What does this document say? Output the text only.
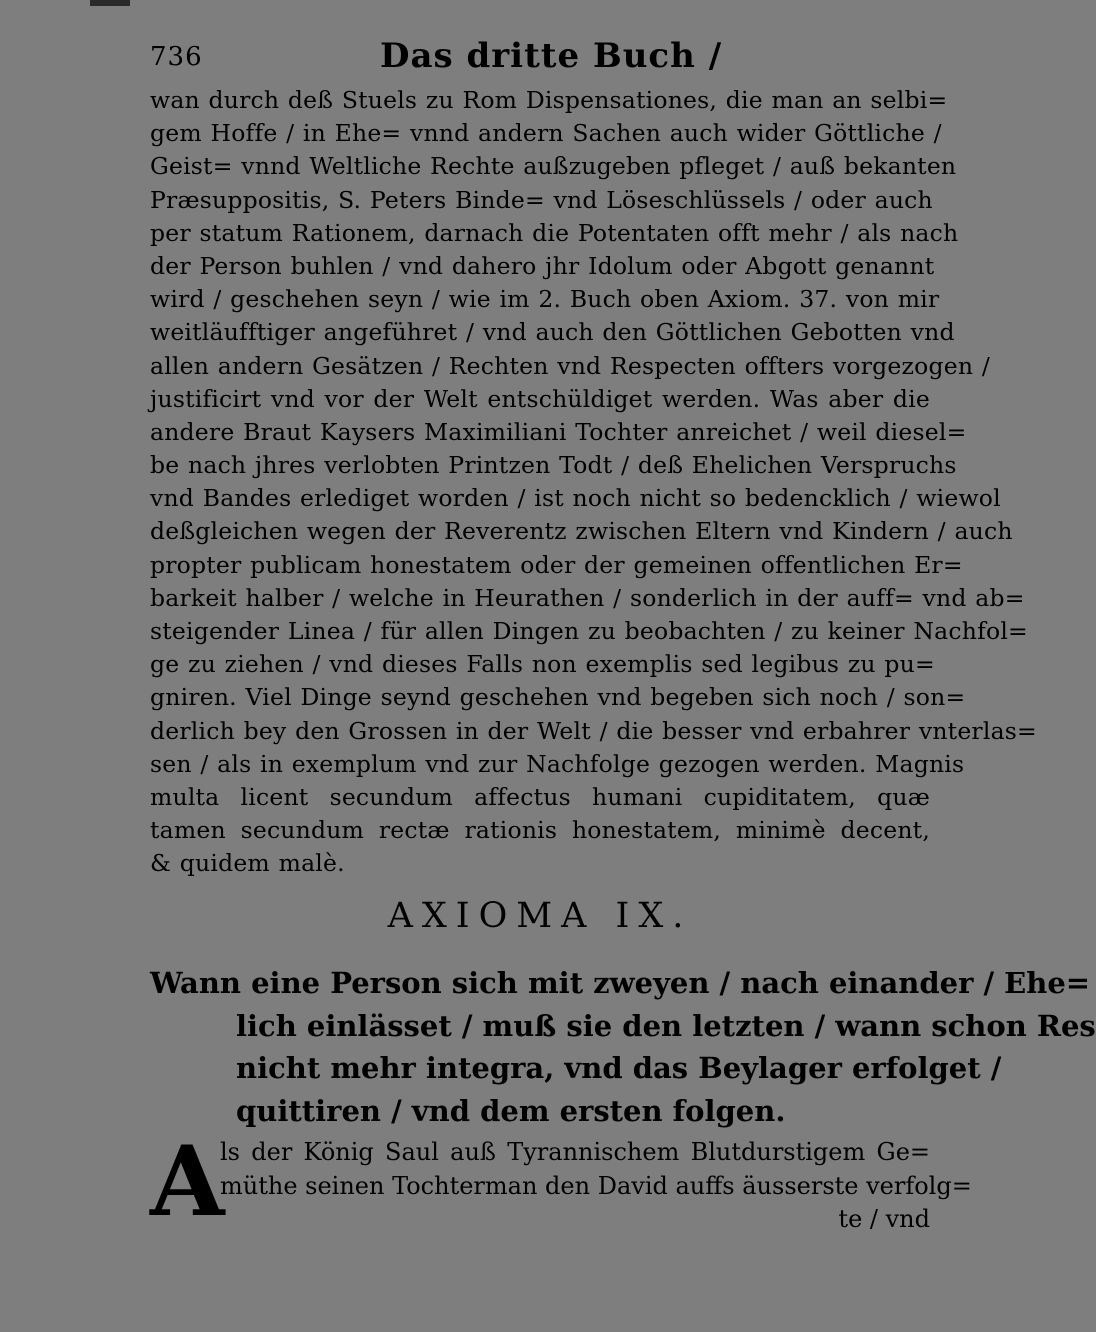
736	Das dritte Buch /
wan durch deß Stuels zu Rom Dispensationes, die man an selbi=
gem Hoffe / in Ehe= vnnd andern Sachen auch wider Göttliche /
Geist= vnnd Weltliche Rechte außzugeben pfleget / auß bekanten
Præsuppositis, S. Peters Binde= vnd Löseschlüssels / oder auch
per statum Rationem, darnach die Potentaten offt mehr / als nach
der Person buhlen / vnd dahero jhr Idolum oder Abgott genannt
wird / geschehen seyn / wie im 2. Buch oben Axiom. 37. von mir
weitläufftiger angeführet / vnd auch den Göttlichen Gebotten vnd
allen andern Gesätzen / Rechten vnd Respecten offters vorgezogen /
justificirt vnd vor der Welt entschüldiget werden. Was aber die
andere Braut Kaysers Maximiliani Tochter anreichet / weil diesel=
be nach jhres verlobten Printzen Todt / deß Ehelichen Verspruchs
vnd Bandes erlediget worden / ist noch nicht so bedencklich / wiewol
deßgleichen wegen der Reverentz zwischen Eltern vnd Kindern / auch
propter publicam honestatem oder der gemeinen offentlichen Er=
barkeit halber / welche in Heurathen / sonderlich in der auff= vnd ab=
steigender Linea / für allen Dingen zu beobachten / zu keiner Nachfol=
ge zu ziehen / vnd dieses Falls non exemplis sed legibus zu pu=
gniren. Viel Dinge seynd geschehen vnd begeben sich noch / son=
derlich bey den Grossen in der Welt / die besser vnd erbahrer vnterlas=
sen / als in exemplum vnd zur Nachfolge gezogen werden. Magnis
multa licent secundum affectus humani cupiditatem, quæ
tamen secundum rectæ rationis honestatem, minimè decent,
& quidem malè.
AXIOMA IX.
Wann eine Person sich mit zweyen / nach einander / Ehe=
lich einlässet / muß sie den letzten / wann schon Res
nicht mehr integra, vnd das Beylager erfolget /
quittiren / vnd dem ersten folgen.
A
ls der König Saul auß Tyrannischem Blutdurstigem Ge=
müthe seinen Tochterman den David auffs äusserste verfolg=
te / vnd
